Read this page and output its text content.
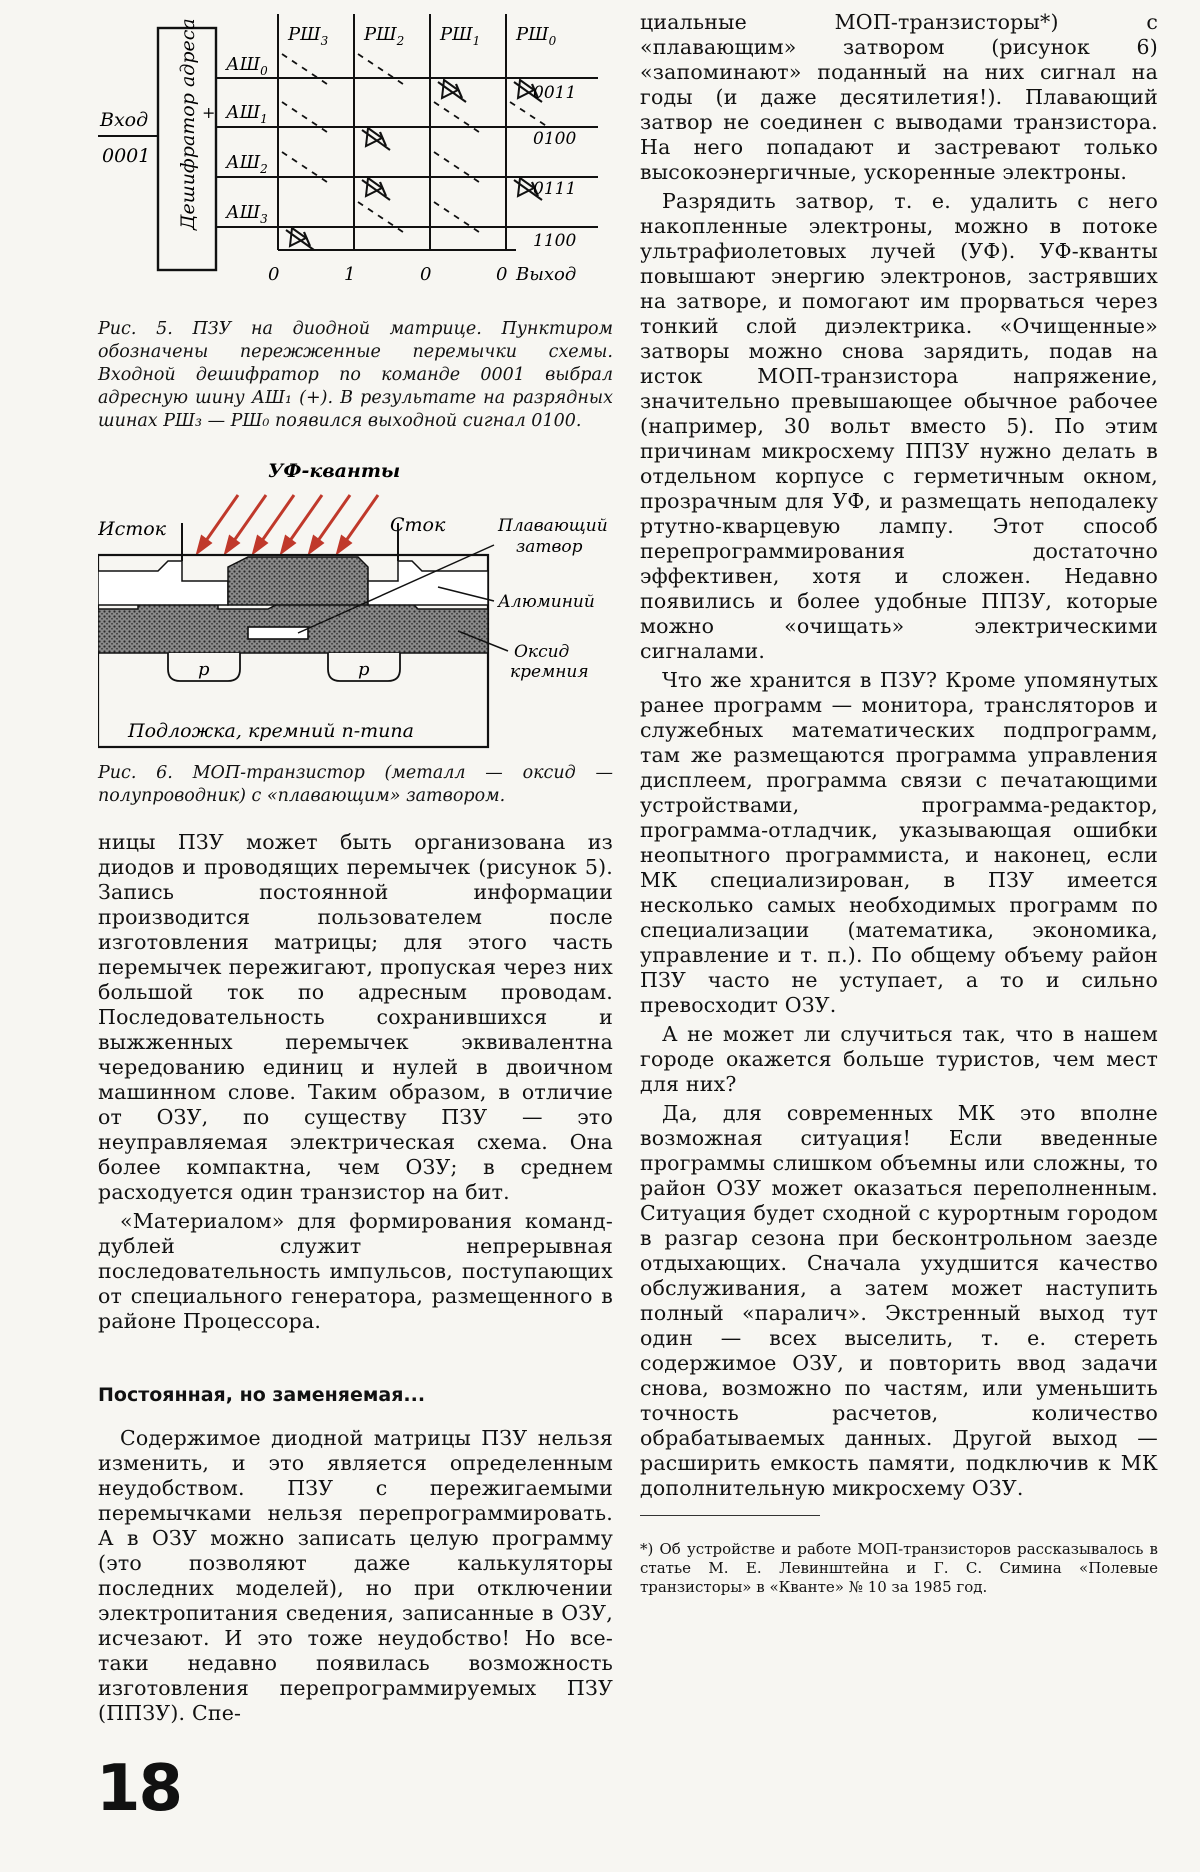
Вход
0001 Дешифратор адреса +
$АШ_0$
$АШ_1$
$АШ_2$
$АШ_3$
$РШ_3$ $РШ_2$ $РШ_1$ $РШ_0$
0011
0100
0111
1100
0	1	0	0 Выход

Рис. 5. ПЗУ на диодной матрице. Пунктиром обозначены пережженные перемычки схемы. Входной дешифратор по команде 0001 выбрал адресную шину АШ₁ (+). В результате на разрядных шинах РШ₃ — РШ₀ появился выходной сигнал 0100.

УФ-кванты
Исток	Сток	Плавающий
затвор
Алюминий
Оксид
кремния
p	p
Подложка, кремний n-типа

Рис. 6. МОП-транзистор (металл — оксид — полупроводник) с «плавающим» затвором.

ницы ПЗУ может быть организована из диодов и проводящих перемычек (рисунок 5). Запись постоянной информации производится пользователем после изготовления матрицы; для этого часть перемычек пережигают, пропуская через них большой ток по адресным проводам. Последовательность сохранившихся и выжженных перемычек эквивалентна чередованию единиц и нулей в двоичном машинном слове. Таким образом, в отличие от ОЗУ, по существу ПЗУ — это неуправляемая электрическая схема. Она более компактна, чем ОЗУ; в среднем расходуется один транзистор на бит.

«Материалом» для формирования команд-дублей служит непрерывная последовательность импульсов, поступающих от специального генератора, размещенного в районе Процессора.

Постоянная, но заменяемая...

Содержимое диодной матрицы ПЗУ нельзя изменить, и это является определенным неудобством. ПЗУ с пережигаемыми перемычками нельзя перепрограммировать. А в ОЗУ можно записать целую программу (это позволяют даже калькуляторы последних моделей), но при отключении электропитания сведения, записанные в ОЗУ, исчезают. И это тоже неудобство! Но все-таки недавно появилась возможность изготовления перепрограммируемых ПЗУ (ППЗУ). Спе-

циальные МОП-транзисторы*) с «плавающим» затвором (рисунок 6) «запоминают» поданный на них сигнал на годы (и даже десятилетия!). Плавающий затвор не соединен с выводами транзистора. На него попадают и застревают только высокоэнергичные, ускоренные электроны.

Разрядить затвор, т. е. удалить с него накопленные электроны, можно в потоке ультрафиолетовых лучей (УФ). УФ-кванты повышают энергию электронов, застрявших на затворе, и помогают им прорваться через тонкий слой диэлектрика. «Очищенные» затворы можно снова зарядить, подав на исток МОП-транзистора напряжение, значительно превышающее обычное рабочее (например, 30 вольт вместо 5). По этим причинам микросхему ППЗУ нужно делать в отдельном корпусе с герметичным окном, прозрачным для УФ, и размещать неподалеку ртутно-кварцевую лампу. Этот способ перепрограммирования достаточно эффективен, хотя и сложен. Недавно появились и более удобные ППЗУ, которые можно «очищать» электрическими сигналами.

Что же хранится в ПЗУ? Кроме упомянутых ранее программ — монитора, трансляторов и служебных математических подпрограмм, там же размещаются программа управления дисплеем, программа связи с печатающими устройствами, программа-редактор, программа-отладчик, указывающая ошибки неопытного программиста, и наконец, если МК специализирован, в ПЗУ имеется несколько самых необходимых программ по специализации (математика, экономика, управление и т. п.). По общему объему район ПЗУ часто не уступает, а то и сильно превосходит ОЗУ.

А не может ли случиться так, что в нашем городе окажется больше туристов, чем мест для них?

Да, для современных МК это вполне возможная ситуация! Если введенные программы слишком объемны или сложны, то район ОЗУ может оказаться переполненным. Ситуация будет сходной с курортным городом в разгар сезона при бесконтрольном заезде отдыхающих. Сначала ухудшится качество обслуживания, а затем может наступить полный «паралич». Экстренный выход тут один — всех выселить, т. е. стереть содержимое ОЗУ, и повторить ввод задачи снова, возможно по частям, или уменьшить точность расчетов, количество обрабатываемых данных. Другой выход — расширить емкость памяти, подключив к МК дополнительную микросхему ОЗУ.

*) Об устройстве и работе МОП-транзисторов рассказывалось в статье М. Е. Левинштейна и Г. С. Симина «Полевые транзисторы» в «Кванте» № 10 за 1985 год.

18
